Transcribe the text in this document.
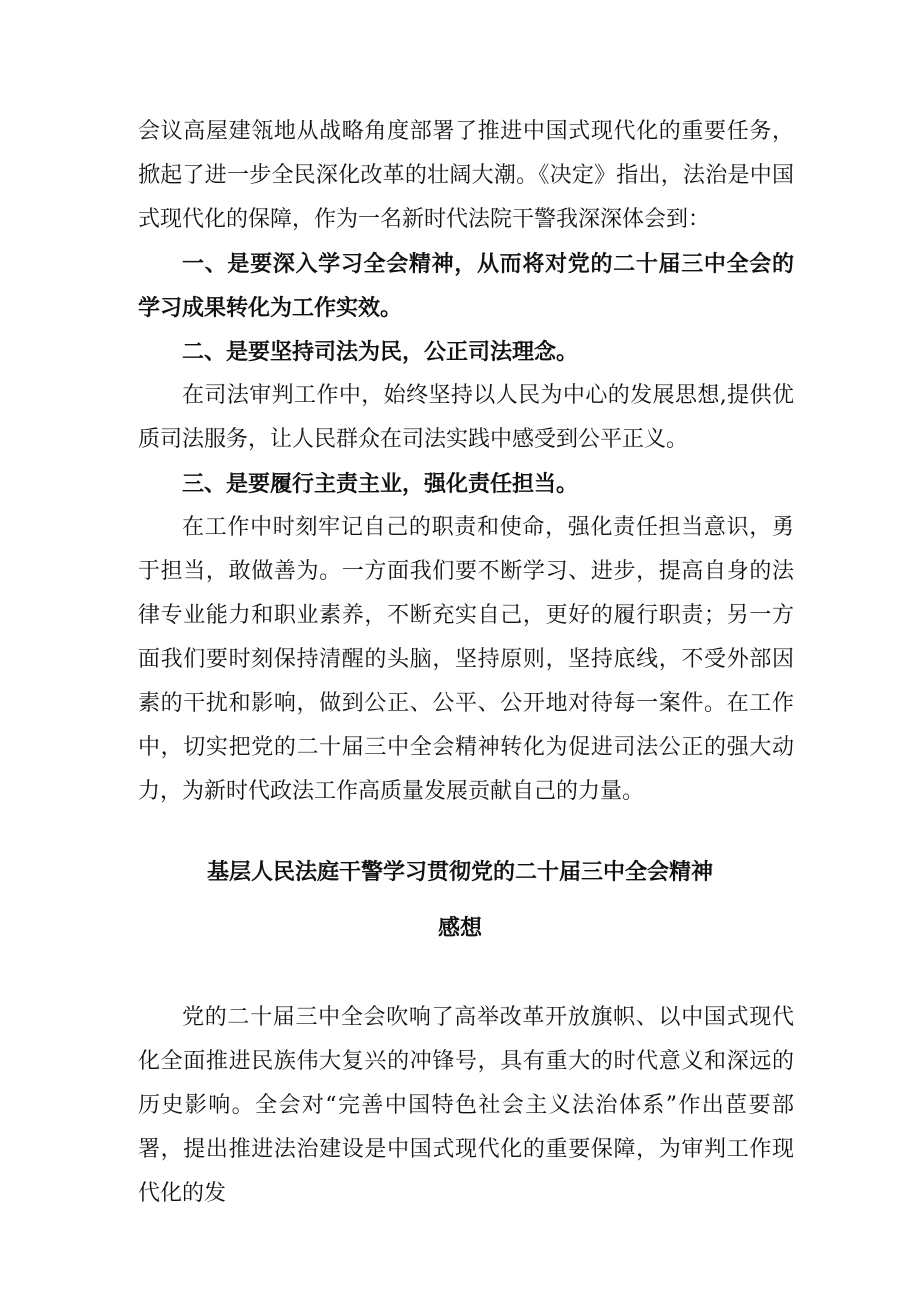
会议高屋建瓴地从战略角度部署了推进中国式现代化的重要任务，掀起了进一步全民深化改革的壮阔大潮。《决定》指出，法治是中国式现代化的保障，作为一名新时代法院干警我深深体会到：
一、是要深入学习全会精神，从而将对党的二十届三中全会的学习成果转化为工作实效。
二、是要坚持司法为民，公正司法理念。
在司法审判工作中，始终坚持以人民为中心的发展思想,提供优质司法服务，让人民群众在司法实践中感受到公平正义。
三、是要履行主责主业，强化责任担当。
在工作中时刻牢记自己的职责和使命，强化责任担当意识，勇于担当，敢做善为。一方面我们要不断学习、进步，提高自身的法律专业能力和职业素养，不断充实自己，更好的履行职责；另一方面我们要时刻保持清醒的头脑，坚持原则，坚持底线，不受外部因素的干扰和影响，做到公正、公平、公开地对待每一案件。在工作中，切实把党的二十届三中全会精神转化为促进司法公正的强大动力，为新时代政法工作高质量发展贡献自己的力量。
基层人民法庭干警学习贯彻党的二十届三中全会精神
感想
党的二十届三中全会吹响了高举改革开放旗帜、以中国式现代化全面推进民族伟大复兴的冲锋号，具有重大的时代意义和深远的历史影响。全会对“完善中国特色社会主义法治体系”作出茞要部署，提出推进法治建设是中国式现代化的重要保障，为审判工作现代化的发
